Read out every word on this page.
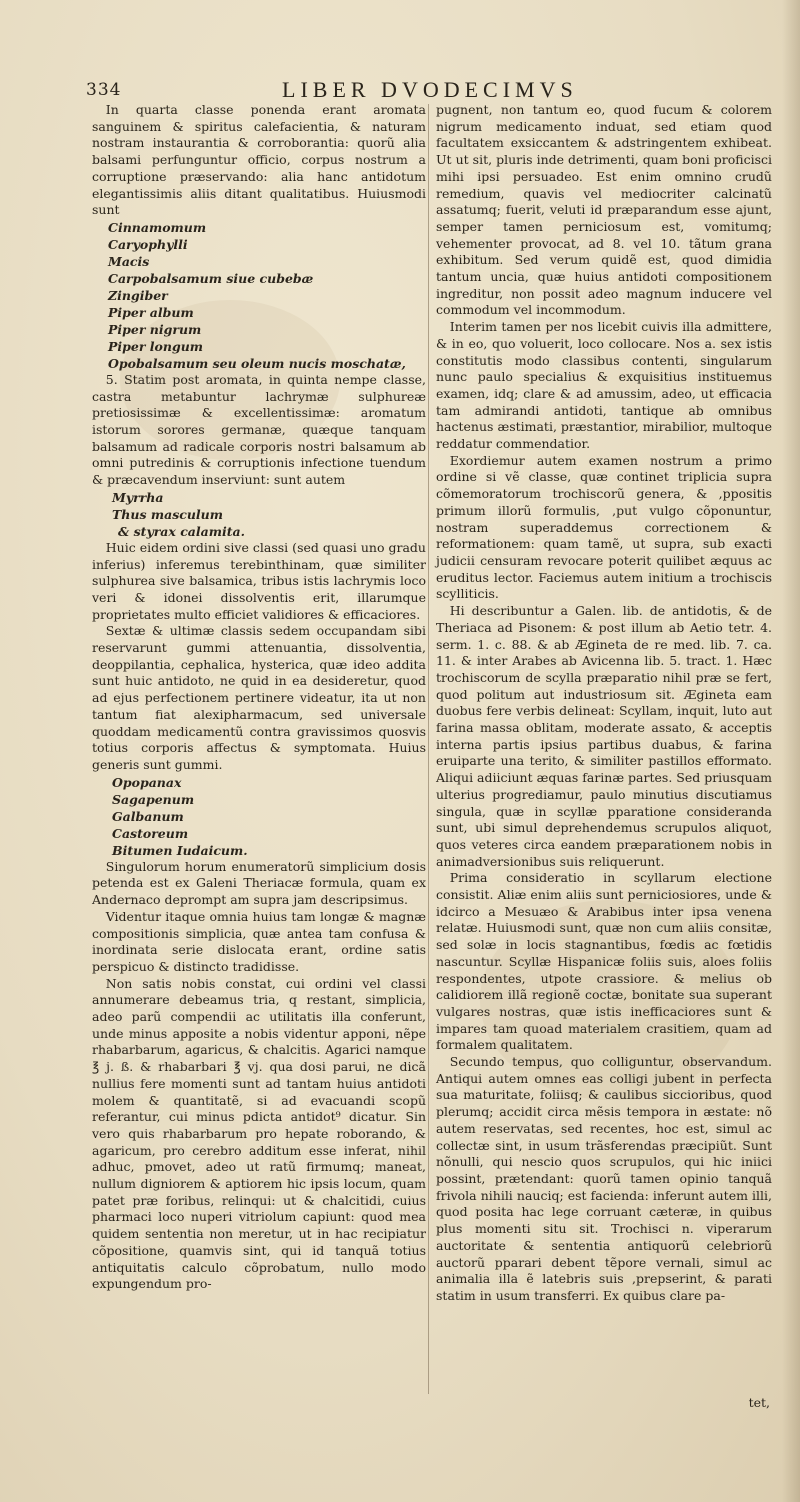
334	LIBER DVODECIMVS

In quarta classe ponenda erant aromata sanguinem & spiritus calefacientia, & naturam nostram instaurantia & corroborantia: quorũ alia balsami perfunguntur officio, corpus nostrum a corruptione præservando: alia hanc antidotum elegantissimis aliis ditant qualitatibus. Huiusmodi sunt

Cinnamomum
Caryophylli
Macis
Carpobalsamum siue cubebæ
Zingiber
Piper album
Piper nigrum
Piper longum
Opobalsamum seu oleum nucis moschatæ,

5. Statim post aromata, in quinta nempe classe, castra metabuntur lachrymæ sulphureæ pretiosissimæ & excellentissimæ: aromatum istorum sorores germanæ, quæque tanquam balsamum ad radicale corporis nostri balsamum ab omni putredinis & corruptionis infectione tuendum & præcavendum inserviunt: sunt autem

Myrrha
Thus masculum
& styrax calamita.

Huic eidem ordini sive classi (sed quasi uno gradu inferius) inferemus terebinthinam, quæ similiter sulphurea sive balsamica, tribus istis lachrymis loco veri & idonei dissolventis erit, illarumque proprietates multo efficiet validiores & efficaciores.

Sextæ & ultimæ classis sedem occupandam sibi reservarunt gummi attenuantia, dissolventia, deoppilantia, cephalica, hysterica, quæ ideo addita sunt huic antidoto, ne quid in ea desideretur, quod ad ejus perfectionem pertinere videatur, ita ut non tantum fiat alexipharmacum, sed universale quoddam medicamentũ contra gravissimos quosvis totius corporis affectus & symptomata. Huius generis sunt gummi.

Opopanax
Sagapenum
Galbanum
Castoreum
Bitumen Iudaicum.

Singulorum horum enumeratorũ simplicium dosis petenda est ex Galeni Theriacæ formula, quam ex Andernaco deprompt am supra jam descripsimus.

Videntur itaque omnia huius tam longæ & magnæ compositionis simplicia, quæ antea tam confusa & inordinata serie dislocata erant, ordine satis perspicuo & distincto tradidisse.

Non satis nobis constat, cui ordini vel classi annumerare debeamus tria, q restant, simplicia, adeo parũ compendii ac utilitatis illa conferunt, unde minus apposite a nobis videntur apponi, nẽpe rhabarbarum, agaricus, & chalcitis. Agarici namque ℥ j. ß. & rhabarbari ℥ vj. qua dosi parui, ne dicã nullius fere momenti sunt ad tantam huius antidoti molem & quantitatẽ, si ad evacuandi scopũ referantur, cui minus pdicta antidot⁹ dicatur. Sin vero quis rhabarbarum pro hepate roborando, & agaricum, pro cerebro additum esse inferat, nihil adhuc, pmovet, adeo ut ratũ firmumq; maneat, nullum digniorem & aptiorem hic ipsis locum, quam patet præ foribus, relinqui: ut & chalcitidi, cuius pharmaci loco nuperi vitriolum capiunt: quod mea quidem sententia non meretur, ut in hac recipiatur cõpositione, quamvis sint, qui id tanquã totius antiquitatis calculo cõprobatum, nullo modo expungendum pro-

pugnent, non tantum eo, quod fucum & colorem nigrum medicamento induat, sed etiam quod facultatem exsiccantem & adstringentem exhibeat. Ut ut sit, pluris inde detrimenti, quam boni proficisci mihi ipsi persuadeo. Est enim omnino crudũ remedium, quavis vel mediocriter calcinatũ assatumq; fuerit, veluti id præparandum esse ajunt, semper tamen perniciosum est, vomitumq; vehementer provocat, ad 8. vel 10. tãtum grana exhibitum. Sed verum quidẽ est, quod dimidia tantum uncia, quæ huius antidoti compositionem ingreditur, non possit adeo magnum inducere vel commodum vel incommodum.

Interim tamen per nos licebit cuivis illa admittere, & in eo, quo voluerit, loco collocare. Nos a. sex istis constitutis modo classibus contenti, singularum nunc paulo specialius & exquisitius instituemus examen, idq; clare & ad amussim, adeo, ut efficacia tam admirandi antidoti, tantique ab omnibus hactenus æstimati, præstantior, mirabilior, multoque reddatur commendatior.

Exordiemur autem examen nostrum a primo ordine si vẽ classe, quæ continet triplicia supra cõmemoratorum trochiscorũ genera, & ,ppositis primum illorũ formulis, ,put vulgo cõponuntur, nostram superaddemus correctionem & reformationem: quam tamẽ, ut supra, sub exacti judicii censuram revocare poterit quilibet æquus ac eruditus lector. Faciemus autem initium a trochiscis scylliticis.

Hi describuntur a Galen. lib. de antidotis, & de Theriaca ad Pisonem: & post illum ab Aetio tetr. 4. serm. 1. c. 88. & ab Ægineta de re med. lib. 7. ca. 11. & inter Arabes ab Avicenna lib. 5. tract. 1. Hæc trochiscorum de scylla præparatio nihil præ se fert, quod politum aut industriosum sit. Ægineta eam duobus fere verbis delineat: Scyllam, inquit, luto aut farina massa oblitam, moderate assato, & acceptis interna partis ipsius partibus duabus, & farina eruiparte una terito, & similiter pastillos efformato. Aliqui adiiciunt æquas farinæ partes. Sed priusquam ulterius progrediamur, paulo minutius discutiamus singula, quæ in scyllæ pparatione consideranda sunt, ubi simul deprehendemus scrupulos aliquot, quos veteres circa eandem præparationem nobis in animadversionibus suis reliquerunt.

Prima consideratio in scyllarum electione consistit. Aliæ enim aliis sunt perniciosiores, unde & idcirco a Mesuæo & Arabibus inter ipsa venena relatæ. Huiusmodi sunt, quæ non cum aliis consitæ, sed solæ in locis stagnantibus, fœdis ac fœtidis nascuntur. Scyllæ Hispanicæ foliis suis, aloes foliis respondentes, utpote crassiore. & melius ob calidiorem illã regionẽ coctæ, bonitate sua superant vulgares nostras, quæ istis inefficaciores sunt & impares tam quoad materialem crasitiem, quam ad formalem qualitatem.

Secundo tempus, quo colliguntur, observandum. Antiqui autem omnes eas colligi jubent in perfecta sua maturitate, foliisq; & caulibus siccioribus, quod plerumq; accidit circa mẽsis tempora in æstate: nõ autem reservatas, sed recentes, hoc est, simul ac collectæ sint, in usum trãsferendas præcipiũt. Sunt nõnulli, qui nescio quos scrupulos, qui hic iniici possint, prætendant: quorũ tamen opinio tanquã frivola nihili nauciq; est facienda: inferunt autem illi, quod posita hac lege corruant cæteræ, in quibus plus momenti situ sit. Trochisci n. viperarum auctoritate & sententia antiquorũ celebriorũ auctorũ pparari debent tẽpore vernali, simul ac animalia illa ẽ latebris suis ,prepserint, & parati statim in usum transferri. Ex quibus clare pa-

tet,
